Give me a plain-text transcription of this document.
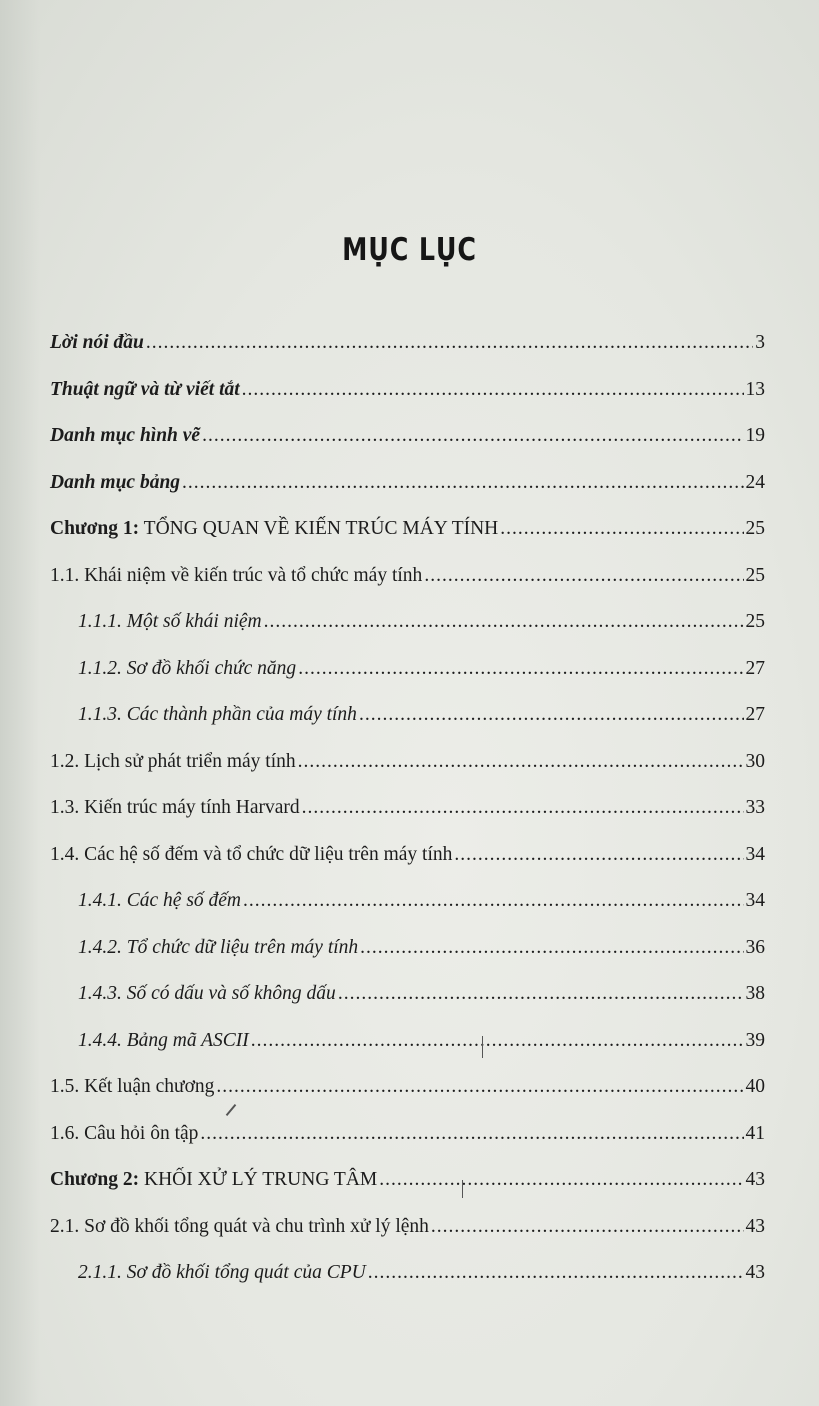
MỤC LỤC
Lời nói đầu .....	3
Thuật ngữ và từ viết tắt .....	13
Danh mục hình vẽ .....	19
Danh mục bảng .....	24
Chương 1: TỔNG QUAN VỀ KIẾN TRÚC MÁY TÍNH .....	25
1.1. Khái niệm về kiến trúc và tổ chức máy tính .....	25
1.1.1. Một số khái niệm .....	25
1.1.2. Sơ đồ khối chức năng .....	27
1.1.3. Các thành phần của máy tính .....	27
1.2. Lịch sử phát triển máy tính .....	30
1.3. Kiến trúc máy tính Harvard .....	33
1.4. Các hệ số đếm và tổ chức dữ liệu trên máy tính .....	34
1.4.1. Các hệ số đếm .....	34
1.4.2. Tổ chức dữ liệu trên máy tính .....	36
1.4.3. Số có dấu và số không dấu .....	38
1.4.4. Bảng mã ASCII .....	39
1.5. Kết luận chương .....	40
1.6. Câu hỏi ôn tập .....	41
Chương 2: KHỐI XỬ LÝ TRUNG TÂM .....	43
2.1. Sơ đồ khối tổng quát và chu trình xử lý lệnh .....	43
2.1.1. Sơ đồ khối tổng quát của CPU .....	43
